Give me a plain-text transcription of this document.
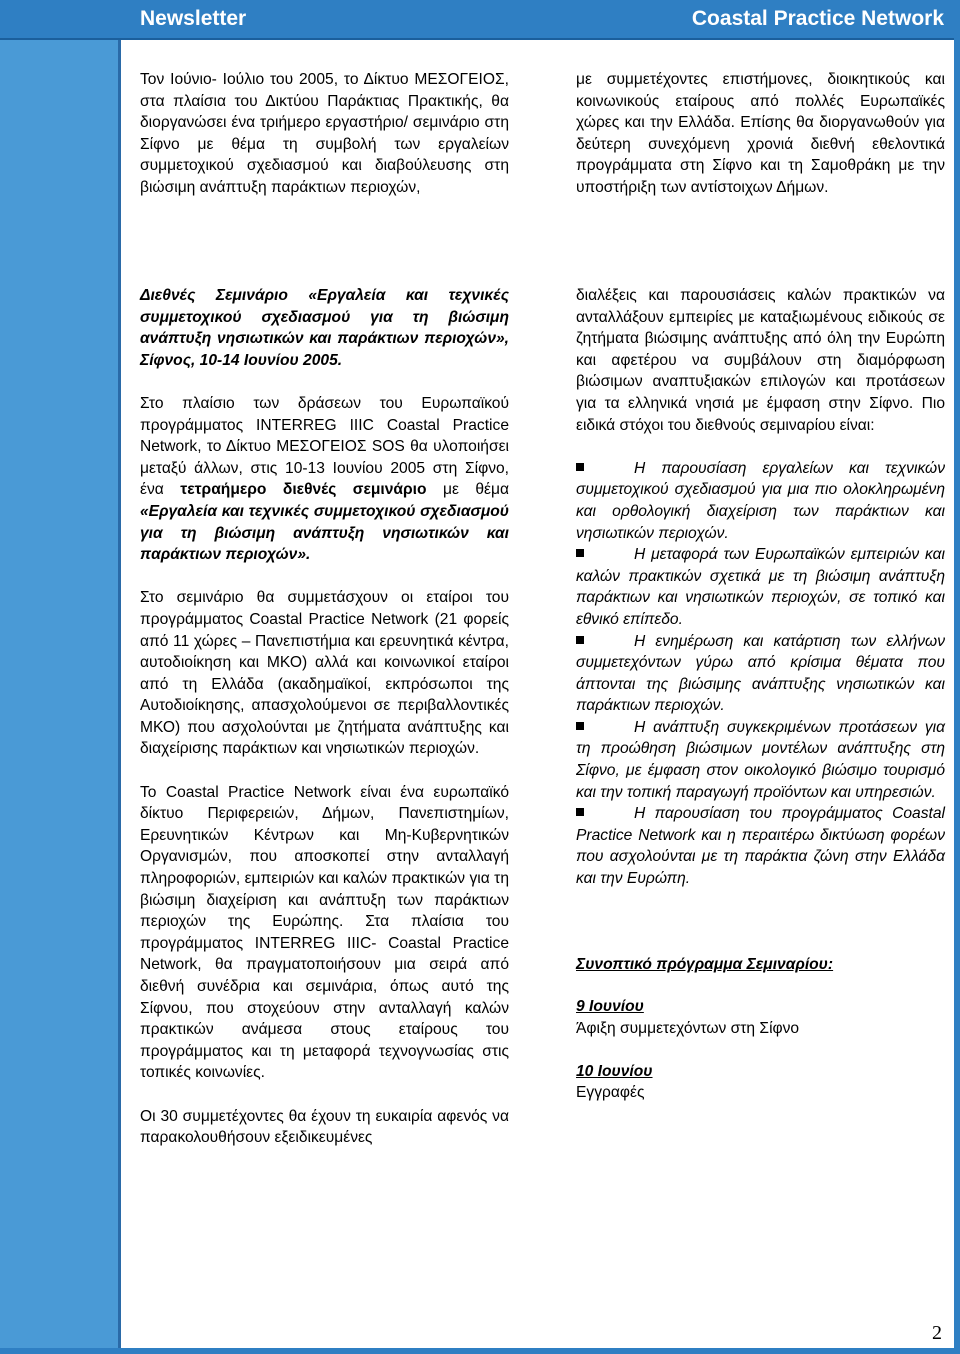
Newsletter	Coastal Practice Network

Τον Ιούνιο- Ιούλιο του 2005, το Δίκτυο ΜΕΣΟΓΕΙΟΣ, στα πλαίσια του Δικτύου Παράκτιας Πρακτικής, θα διοργανώσει ένα τριήμερο εργαστήριο/ σεμινάριο στη Σίφνο με θέμα τη συμβολή των εργαλείων συμμετοχικού σχεδιασμού και διαβούλευσης στη βιώσιμη ανάπτυξη παράκτιων περιοχών,

με συμμετέχοντες επιστήμονες, διοικητικούς και κοινωνικούς εταίρους από πολλές Ευρωπαϊκές χώρες και την Ελλάδα. Επίσης θα διοργανωθούν για δεύτερη συνεχόμενη χρονιά διεθνή εθελοντικά προγράμματα στη Σίφνο και τη Σαμοθράκη με την υποστήριξη των αντίστοιχων Δήμων.

Διεθνές Σεμινάριο «Εργαλεία και τεχνικές συμμετοχικού σχεδιασμού για τη βιώσιμη ανάπτυξη νησιωτικών και παράκτιων περιοχών», Σίφνος, 10-14 Ιουνίου 2005.

Στο πλαίσιο των δράσεων του Ευρωπαϊκού προγράμματος INTERREG IIIC Coastal Practice Network, το Δίκτυο ΜΕΣΟΓΕΙΟΣ SOS θα υλοποιήσει μεταξύ άλλων, στις 10-13 Ιουνίου 2005 στη Σίφνο, ένα τετραήμερο διεθνές σεμινάριο με θέμα «Εργαλεία και τεχνικές συμμετοχικού σχεδιασμού για τη βιώσιμη ανάπτυξη νησιωτικών και παράκτιων περιοχών».

Στο σεμινάριο θα συμμετάσχουν οι εταίροι του προγράμματος Coastal Practice Network (21 φορείς από 11 χώρες – Πανεπιστήμια και ερευνητικά κέντρα, αυτοδιοίκηση και ΜΚΟ) αλλά και κοινωνικοί εταίροι από τη Ελλάδα (ακαδημαϊκοί, εκπρόσωποι της Αυτοδιοίκησης, απασχολούμενοι σε περιβαλλοντικές ΜΚΟ) που ασχολούνται με ζητήματα ανάπτυξης και διαχείρισης παράκτιων και νησιωτικών περιοχών.

Το Coastal Practice Network είναι ένα ευρωπαϊκό δίκτυο Περιφερειών, Δήμων, Πανεπιστημίων, Ερευνητικών Κέντρων και Μη-Κυβερνητικών Οργανισμών, που αποσκοπεί στην ανταλλαγή πληροφοριών, εμπειριών και καλών πρακτικών για τη βιώσιμη διαχείριση και ανάπτυξη των παράκτιων περιοχών της Ευρώπης. Στα πλαίσια του προγράμματος INTERREG IIIC- Coastal Practice Network, θα πραγματοποιήσουν μια σειρά από διεθνή συνέδρια και σεμινάρια, όπως αυτό της Σίφνου, που στοχεύουν στην ανταλλαγή καλών πρακτικών ανάμεσα στους εταίρους του προγράμματος και τη μεταφορά τεχνογνωσίας στις τοπικές κοινωνίες.

Οι 30 συμμετέχοντες θα έχουν τη ευκαιρία αφενός να παρακολουθήσουν εξειδικευμένες

διαλέξεις και παρουσιάσεις καλών πρακτικών να ανταλλάξουν εμπειρίες με καταξιωμένους ειδικούς σε ζητήματα βιώσιμης ανάπτυξης από όλη την Ευρώπη και αφετέρου να συμβάλουν στη διαμόρφωση βιώσιμων αναπτυξιακών επιλογών και προτάσεων για τα ελληνικά νησιά με έμφαση στην Σίφνο. Πιο ειδικά στόχοι του διεθνούς σεμιναρίου είναι:

Η παρουσίαση εργαλείων και τεχνικών συμμετοχικού σχεδιασμού για μια πιο ολοκληρωμένη και ορθολογική διαχείριση των παράκτιων και νησιωτικών περιοχών.
Η μεταφορά των Ευρωπαϊκών εμπειριών και καλών πρακτικών σχετικά με τη βιώσιμη ανάπτυξη παράκτιων και νησιωτικών περιοχών, σε τοπικό και εθνικό επίπεδο.
Η ενημέρωση και κατάρτιση των ελλήνων συμμετεχόντων γύρω από κρίσιμα θέματα που άπτονται της βιώσιμης ανάπτυξης νησιωτικών και παράκτιων περιοχών.
Η ανάπτυξη συγκεκριμένων προτάσεων για τη προώθηση βιώσιμων μοντέλων ανάπτυξης στη Σίφνο, με έμφαση στον οικολογικό βιώσιμο τουρισμό και την τοπική παραγωγή προϊόντων και υπηρεσιών.
Η παρουσίαση του προγράμματος Coastal Practice Network και η περαιτέρω δικτύωση φορέων που ασχολούνται με τη παράκτια ζώνη στην Ελλάδα και την Ευρώπη.

Συνοπτικό πρόγραμμα Σεμιναρίου:

9 Ιουνίου

Άφιξη συμμετεχόντων στη Σίφνο

10 Ιουνίου

Εγγραφές

2
